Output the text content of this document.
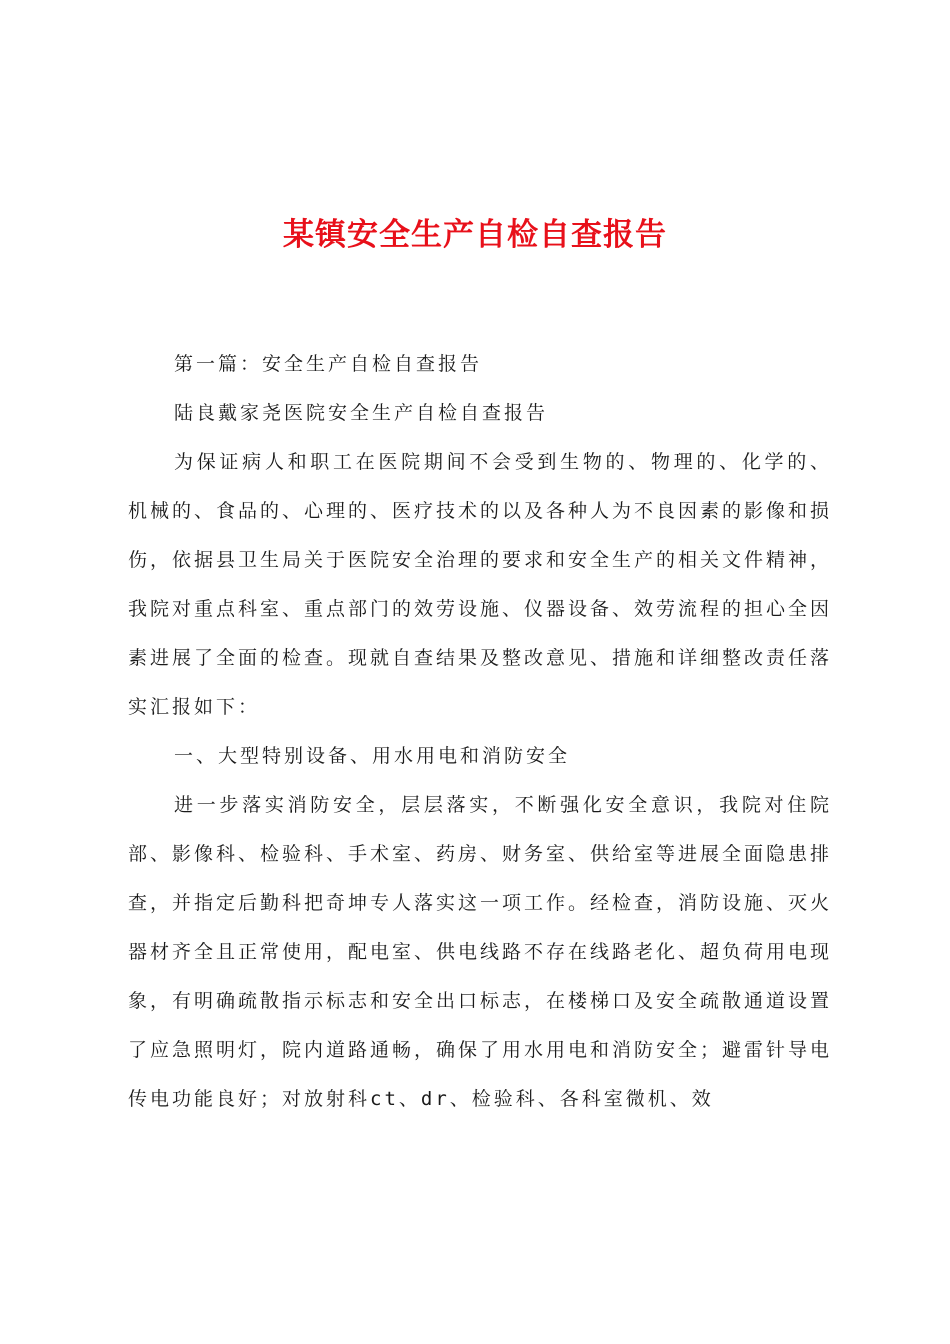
某镇安全生产自检自查报告

第一篇：安全生产自检自查报告

陆良戴家尧医院安全生产自检自查报告

为保证病人和职工在医院期间不会受到生物的、物理的、化学的、机械的、食品的、心理的、医疗技术的以及各种人为不良因素的影像和损伤，依据县卫生局关于医院安全治理的要求和安全生产的相关文件精神，我院对重点科室、重点部门的效劳设施、仪器设备、效劳流程的担心全因素进展了全面的检查。现就自查结果及整改意见、措施和详细整改责任落实汇报如下：

一、大型特别设备、用水用电和消防安全

进一步落实消防安全，层层落实，不断强化安全意识，我院对住院部、影像科、检验科、手术室、药房、财务室、供给室等进展全面隐患排查，并指定后勤科把奇坤专人落实这一项工作。经检查，消防设施、灭火器材齐全且正常使用，配电室、供电线路不存在线路老化、超负荷用电现象，有明确疏散指示标志和安全出口标志，在楼梯口及安全疏散通道设置了应急照明灯，院内道路通畅，确保了用水用电和消防安全；避雷针导电传电功能良好；对放射科ct、dr、检验科、各科室微机、效
